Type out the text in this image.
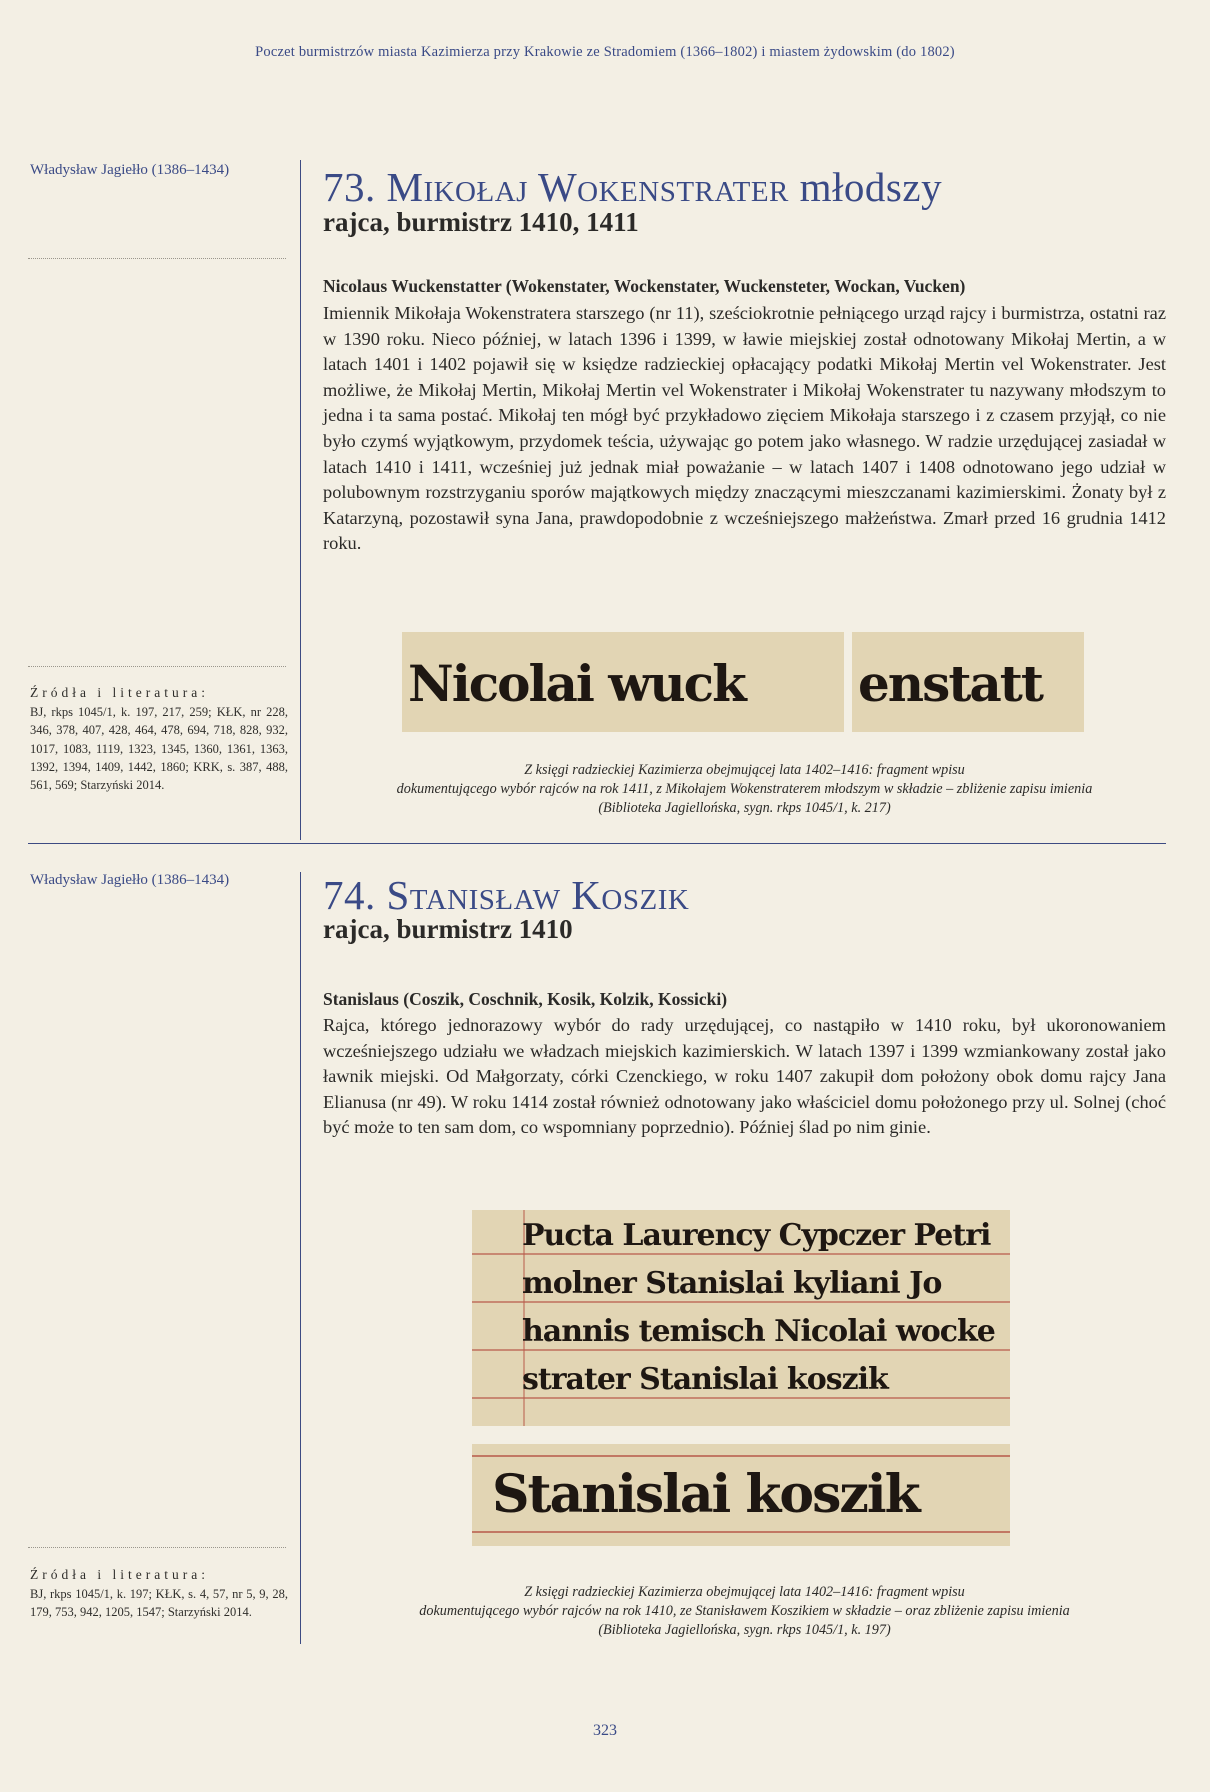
Poczet burmistrzów miasta Kazimierza przy Krakowie ze Stradomiem (1366–1802) i miastem żydowskim (do 1802)
Władysław Jagiełło (1386–1434) 73. Mikołaj Wokenstrater młodszy
rajca, burmistrz 1410, 1411

Nicolaus Wuckenstatter (Wokenstater, Wockenstater, Wuckensteter, Wockan, Vucken)

Imiennik Mikołaja Wokenstratera starszego (nr 11), sześciokrotnie pełniącego urząd rajcy i burmistrza, ostatni raz w 1390 roku. Nieco później, w latach 1396 i 1399, w ławie miejskiej został odnotowany Mikołaj Mertin, a w latach 1401 i 1402 pojawił się w księdze radzieckiej opłacający podatki Mikołaj Mertin vel Wokenstrater. Jest możliwe, że Mikołaj Mertin, Mikołaj Mertin vel Wokenstrater i Mikołaj Wokenstrater tu nazywany młodszym to jedna i ta sama postać. Mikołaj ten mógł być przykładowo zięciem Mikołaja starszego i z czasem przyjął, co nie było czymś wyjątkowym, przydomek teścia, używając go potem jako własnego. W radzie urzędującej zasiadał w latach 1410 i 1411, wcześniej już jednak miał poważanie – w latach 1407 i 1408 odnotowano jego udział w polubownym rozstrzyganiu sporów majątkowych między znaczącymi mieszczanami kazimierskimi. Żonaty był z Katarzyną, pozostawił syna Jana, prawdopodobnie z wcześniejszego małżeństwa. Zmarł przed 16 grudnia 1412 roku.

Nicolai wuck	enstatt
Z księgi radzieckiej Kazimierza obejmującej lata 1402–1416: fragment wpisu
dokumentującego wybór rajców na rok 1411, z Mikołajem Wokenstraterem młodszym w składzie – zbliżenie zapisu imienia
(Biblioteka Jagiellońska, sygn. rkps 1045/1, k. 217)
Źródła i literatura:
BJ, rkps 1045/1, k. 197, 217, 259; KŁK, nr 228, 346, 378, 407, 428, 464, 478, 694, 718, 828, 932, 1017, 1083, 1119, 1323, 1345, 1360, 1361, 1363, 1392, 1394, 1409, 1442, 1860; KRK, s. 387, 488, 561, 569; Starzyński 2014.
Władysław Jagiełło (1386–1434) 74. Stanisław Koszik
rajca, burmistrz 1410

Stanislaus (Coszik, Coschnik, Kosik, Kolzik, Kossicki)

Rajca, którego jednorazowy wybór do rady urzędującej, co nastąpiło w 1410 roku, był ukoronowaniem wcześniejszego udziału we władzach miejskich kazimierskich. W latach 1397 i 1399 wzmiankowany został jako ławnik miejski. Od Małgorzaty, córki Czenckiego, w roku 1407 zakupił dom położony obok domu rajcy Jana Elianusa (nr 49). W roku 1414 został również odnotowany jako właściciel domu położonego przy ul. Solnej (choć być może to ten sam dom, co wspomniany poprzednio). Później ślad po nim ginie.

Pucta Laurency Cypczer Petri
molner Stanislai kyliani Jo
hannis temisch Nicolai wocke
strater Stanislai koszik
Stanislai koszik
Z księgi radzieckiej Kazimierza obejmującej lata 1402–1416: fragment wpisu
dokumentującego wybór rajców na rok 1410, ze Stanisławem Koszikiem w składzie – oraz zbliżenie zapisu imienia
(Biblioteka Jagiellońska, sygn. rkps 1045/1, k. 197)
Źródła i literatura:
BJ, rkps 1045/1, k. 197; KŁK, s. 4, 57, nr 5, 9, 28, 179, 753, 942, 1205, 1547; Starzyński 2014.
323
